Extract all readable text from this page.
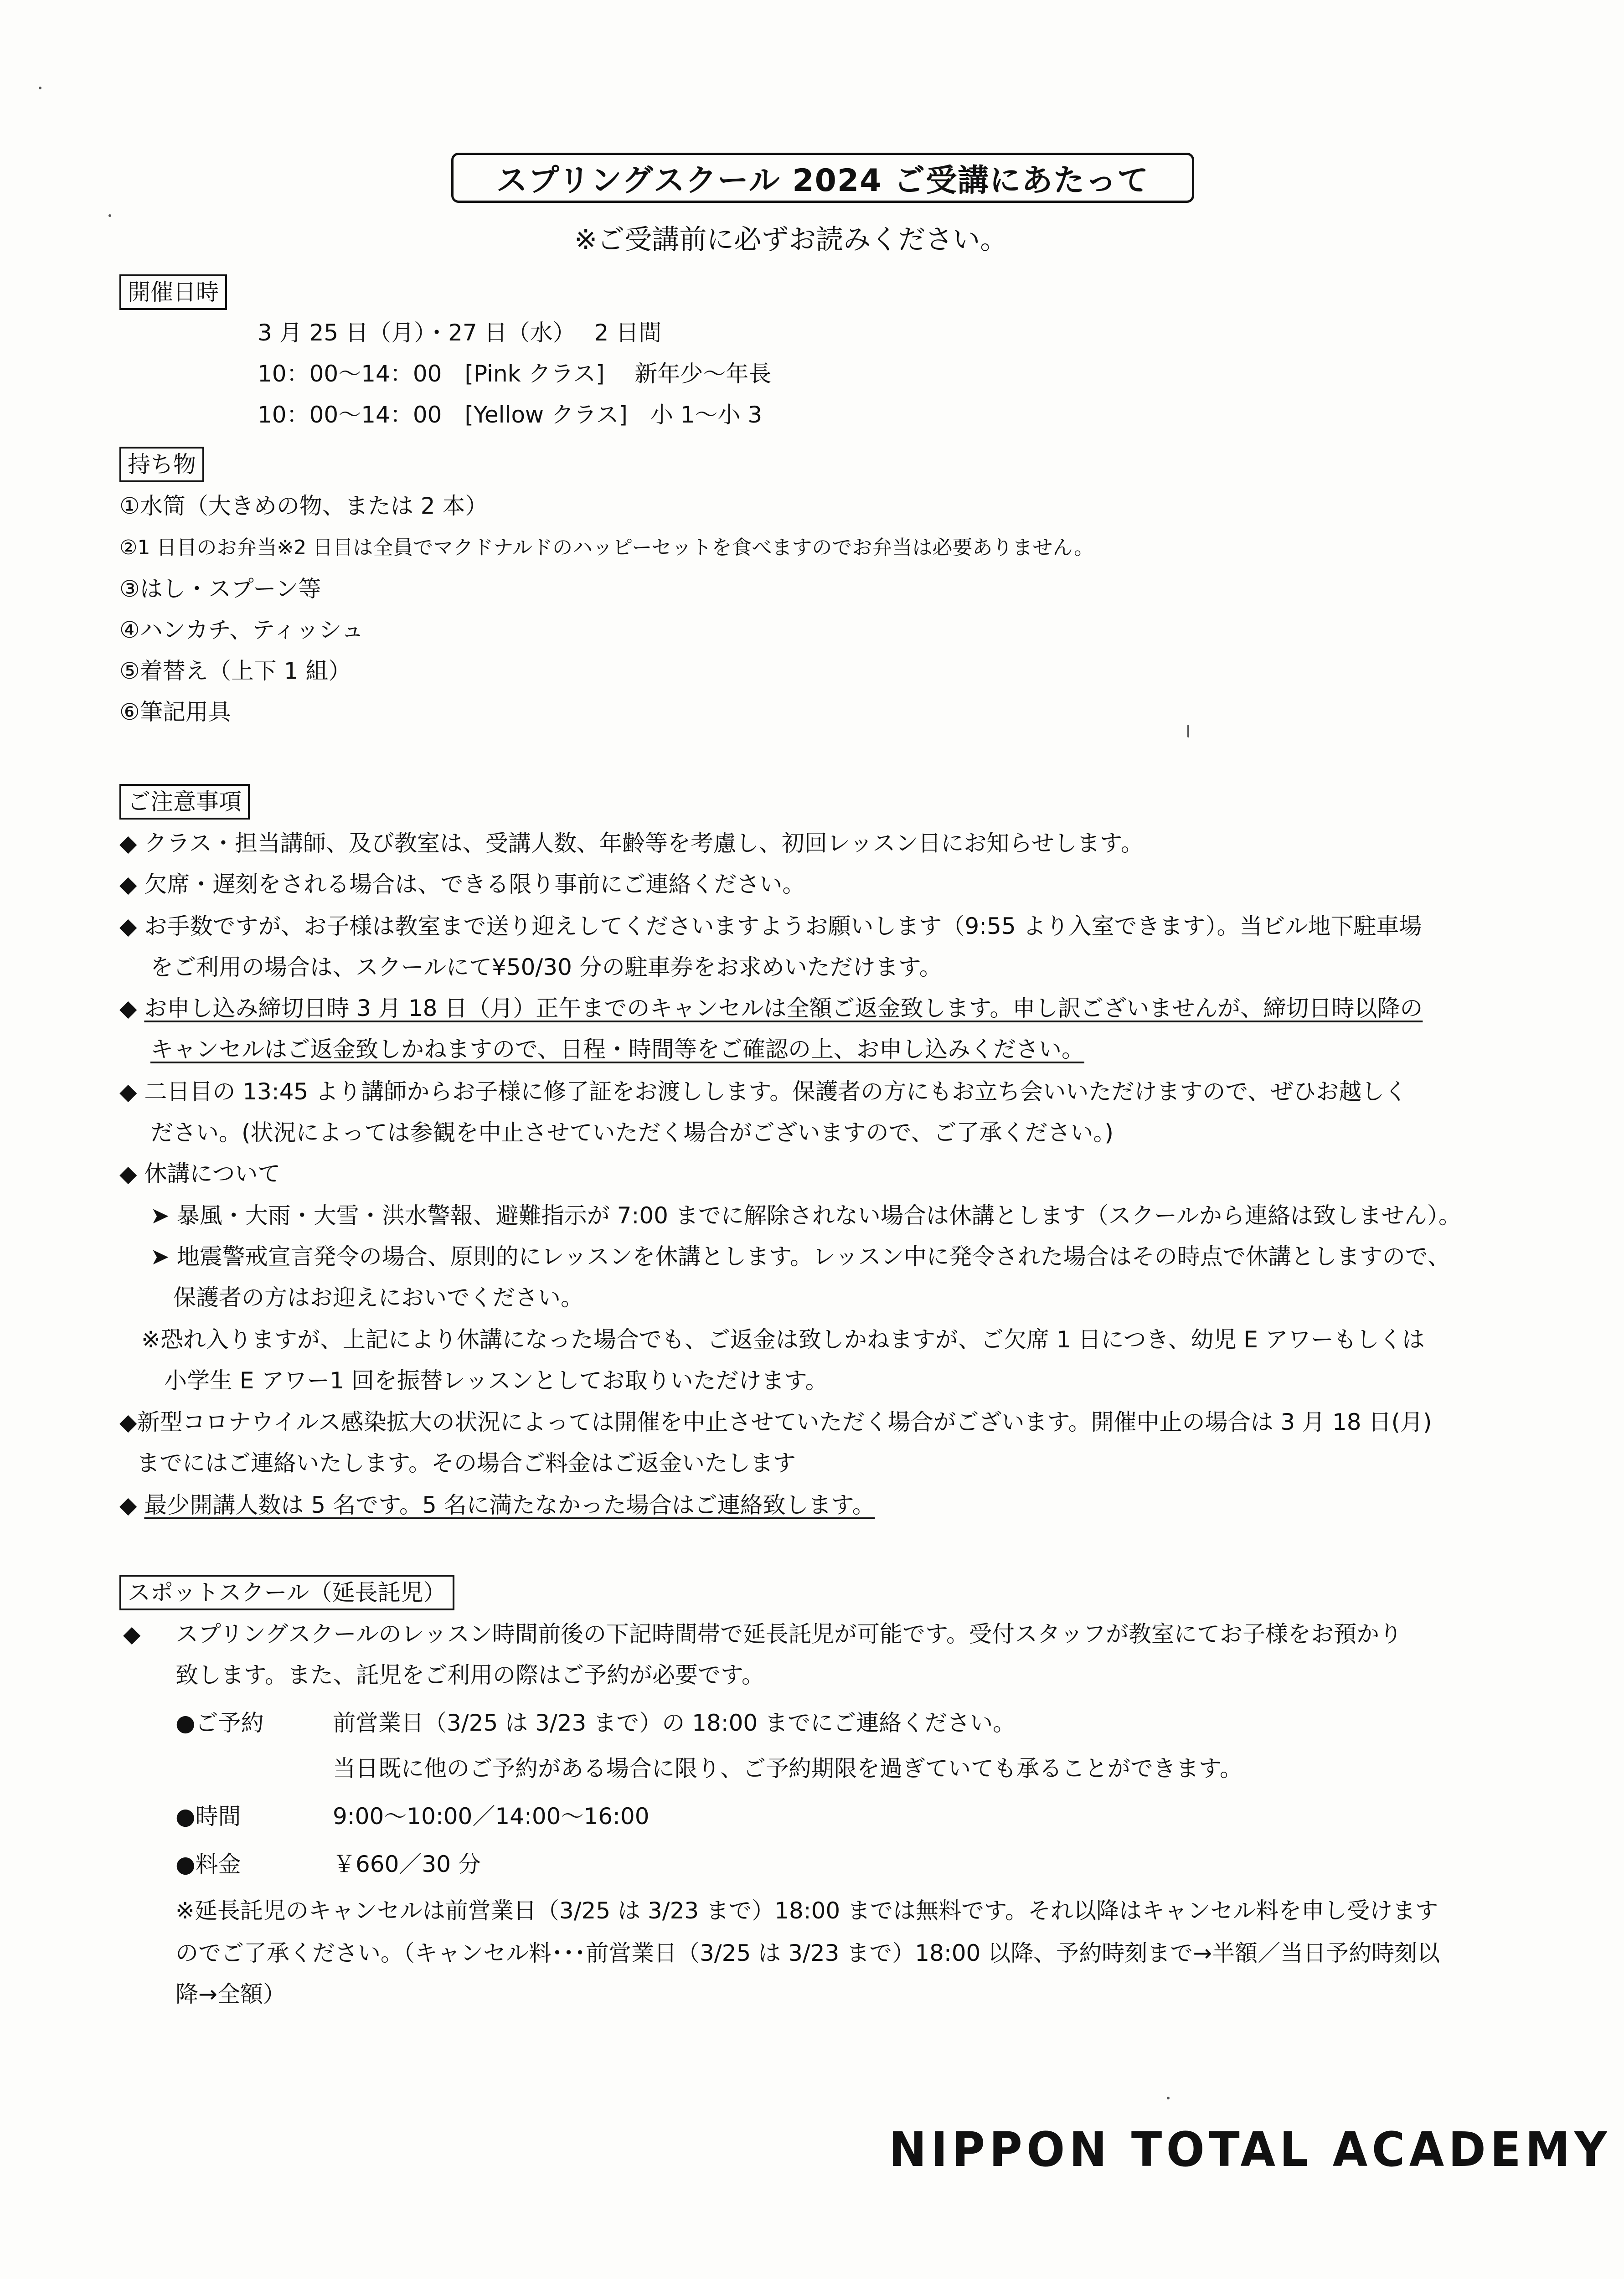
スプリングスクール 2024 ご受講にあたって
※ご受講前に必ずお読みください。
開催日時
3 月 25 日（月）・27 日（水）　 2 日間
10：00～14：00　[Pink クラス]　 新年少～年長
10：00～14：00　[Yellow クラス]　小 1～小 3
持ち物
①水筒（大きめの物、または 2 本）
②1 日目のお弁当※2 日目は全員でマクドナルドのハッピーセットを食べますのでお弁当は必要ありません。
③はし・スプーン等
④ハンカチ、ティッシュ
⑤着替え（上下 1 組）
⑥筆記用具
ご注意事項
◆ クラス・担当講師、及び教室は、受講人数、年齢等を考慮し、初回レッスン日にお知らせします。
◆ 欠席・遅刻をされる場合は、できる限り事前にご連絡ください。
◆ お手数ですが、お子様は教室まで送り迎えしてくださいますようお願いします（9:55 より入室できます）。当ビル地下駐車場
をご利用の場合は、スクールにて¥50/30 分の駐車券をお求めいただけます。
◆ お申し込み締切日時 3 月 18 日（月）正午までのキャンセルは全額ご返金致します。申し訳ございませんが、締切日時以降の
キャンセルはご返金致しかねますので、日程・時間等をご確認の上、お申し込みください。
◆ 二日目の 13:45 より講師からお子様に修了証をお渡しします。保護者の方にもお立ち会いいただけますので、ぜひお越しく
ださい。(状況によっては参観を中止させていただく場合がございますので、ご了承ください。)
◆ 休講について
➤ 暴風・大雨・大雪・洪水警報、避難指示が 7:00 までに解除されない場合は休講とします（スクールから連絡は致しません）。
➤ 地震警戒宣言発令の場合、原則的にレッスンを休講とします。レッスン中に発令された場合はその時点で休講としますので、
保護者の方はお迎えにおいでください。
※恐れ入りますが、上記により休講になった場合でも、ご返金は致しかねますが、ご欠席 1 日につき、幼児 E アワーもしくは
小学生 E アワー1 回を振替レッスンとしてお取りいただけます。
◆新型コロナウイルス感染拡大の状況によっては開催を中止させていただく場合がございます。開催中止の場合は 3 月 18 日(月)
までにはご連絡いたします。その場合ご料金はご返金いたします
◆ 最少開講人数は 5 名です。5 名に満たなかった場合はご連絡致します。
スポットスクール（延長託児）
◆ スプリングスクールのレッスン時間前後の下記時間帯で延長託児が可能です。受付スタッフが教室にてお子様をお預かり
致します。また、託児をご利用の際はご予約が必要です。
●ご予約	前営業日（3/25 は 3/23 まで）の 18:00 までにご連絡ください。
当日既に他のご予約がある場合に限り、ご予約期限を過ぎていても承ることができます。
●時間	9:00～10:00／14:00～16:00
●料金	￥660／30 分
※延長託児のキャンセルは前営業日（3/25 は 3/23 まで）18:00 までは無料です。それ以降はキャンセル料を申し受けます
のでご了承ください。（キャンセル料･･･前営業日（3/25 は 3/23 まで）18:00 以降、予約時刻まで→半額／当日予約時刻以
降→全額）
NIPPON TOTAL ACADEMY
